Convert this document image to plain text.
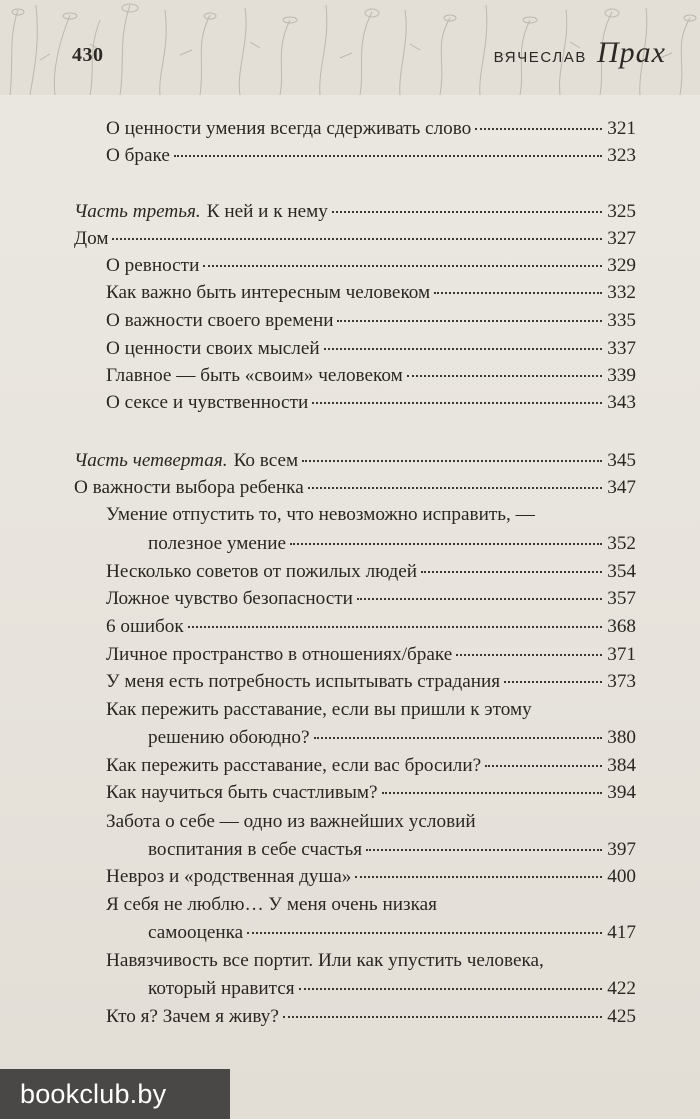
430	ВЯЧЕСЛАВ Прах
О ценности умения всегда сдерживать слово	321
О браке	323
Часть третья. К ней и к нему	325
Дом	327
О ревности	329
Как важно быть интересным человеком	332
О важности своего времени	335
О ценности своих мыслей	337
Главное — быть «своим» человеком	339
О сексе и чувственности	343
Часть четвертая. Ко всем	345
О важности выбора ребенка	347
Умение отпустить то, что невозможно исправить, —
полезное умение	352
Несколько советов от пожилых людей	354
Ложное чувство безопасности	357
6 ошибок	368
Личное пространство в отношениях/браке	371
У меня есть потребность испытывать страдания	373
Как пережить расставание, если вы пришли к этому
решению обоюдно?	380
Как пережить расставание, если вас бросили?	384
Как научиться быть счастливым?	394
Забота о себе — одно из важнейших условий
воспитания в себе счастья	397
Невроз и «родственная душа»	400
Я себя не люблю… У меня очень низкая
самооценка	417
Навязчивость все портит. Или как упустить человека,
который нравится	422
Кто я? Зачем я живу?	425
bookclub.by
